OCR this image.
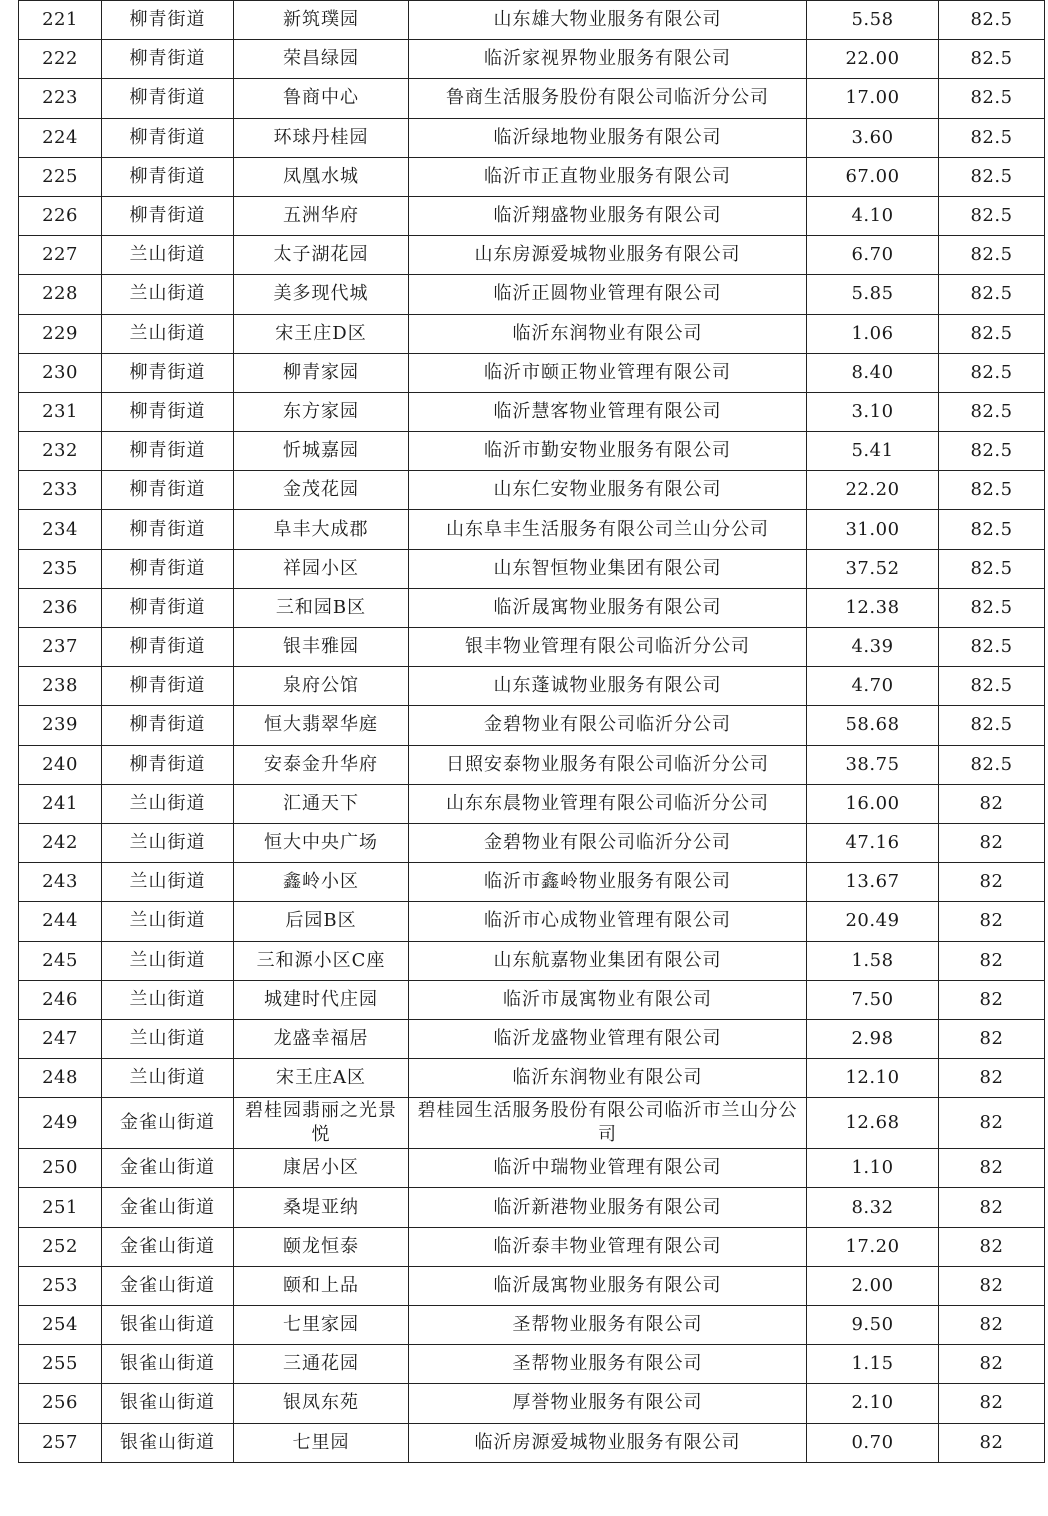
221	柳青街道	新筑璞园	山东雄大物业服务有限公司	5.58	82.5
222	柳青街道	荣昌绿园	临沂家视界物业服务有限公司	22.00	82.5
223	柳青街道	鲁商中心	鲁商生活服务股份有限公司临沂分公司	17.00	82.5
224	柳青街道	环球丹桂园	临沂绿地物业服务有限公司	3.60	82.5
225	柳青街道	凤凰水城	临沂市正直物业服务有限公司	67.00	82.5
226	柳青街道	五洲华府	临沂翔盛物业服务有限公司	4.10	82.5
227	兰山街道	太子湖花园	山东房源爱城物业服务有限公司	6.70	82.5
228	兰山街道	美多现代城	临沂正圆物业管理有限公司	5.85	82.5
229	兰山街道	宋王庄D区	临沂东润物业有限公司	1.06	82.5
230	柳青街道	柳青家园	临沂市颐正物业管理有限公司	8.40	82.5
231	柳青街道	东方家园	临沂慧客物业管理有限公司	3.10	82.5
232	柳青街道	忻城嘉园	临沂市勤安物业服务有限公司	5.41	82.5
233	柳青街道	金茂花园	山东仁安物业服务有限公司	22.20	82.5
234	柳青街道	阜丰大成郡	山东阜丰生活服务有限公司兰山分公司	31.00	82.5
235	柳青街道	祥园小区	山东智恒物业集团有限公司	37.52	82.5
236	柳青街道	三和园B区	临沂晟寓物业服务有限公司	12.38	82.5
237	柳青街道	银丰雅园	银丰物业管理有限公司临沂分公司	4.39	82.5
238	柳青街道	泉府公馆	山东蓬诚物业服务有限公司	4.70	82.5
239	柳青街道	恒大翡翠华庭	金碧物业有限公司临沂分公司	58.68	82.5
240	柳青街道	安泰金升华府	日照安泰物业服务有限公司临沂分公司	38.75	82.5
241	兰山街道	汇通天下	山东东晨物业管理有限公司临沂分公司	16.00	82
242	兰山街道	恒大中央广场	金碧物业有限公司临沂分公司	47.16	82
243	兰山街道	鑫岭小区	临沂市鑫岭物业服务有限公司	13.67	82
244	兰山街道	后园B区	临沂市心成物业管理有限公司	20.49	82
245	兰山街道	三和源小区C座	山东航嘉物业集团有限公司	1.58	82
246	兰山街道	城建时代庄园	临沂市晟寓物业有限公司	7.50	82
247	兰山街道	龙盛幸福居	临沂龙盛物业管理有限公司	2.98	82
248	兰山街道	宋王庄A区	临沂东润物业有限公司	12.10	82
249	金雀山街道	碧桂园翡丽之光景悦	碧桂园生活服务股份有限公司临沂市兰山分公司	12.68	82
250	金雀山街道	康居小区	临沂中瑞物业管理有限公司	1.10	82
251	金雀山街道	桑堤亚纳	临沂新港物业服务有限公司	8.32	82
252	金雀山街道	颐龙恒泰	临沂泰丰物业管理有限公司	17.20	82
253	金雀山街道	颐和上品	临沂晟寓物业服务有限公司	2.00	82
254	银雀山街道	七里家园	圣帮物业服务有限公司	9.50	82
255	银雀山街道	三通花园	圣帮物业服务有限公司	1.15	82
256	银雀山街道	银凤东苑	厚誉物业服务有限公司	2.10	82
257	银雀山街道	七里园	临沂房源爱城物业服务有限公司	0.70	82
